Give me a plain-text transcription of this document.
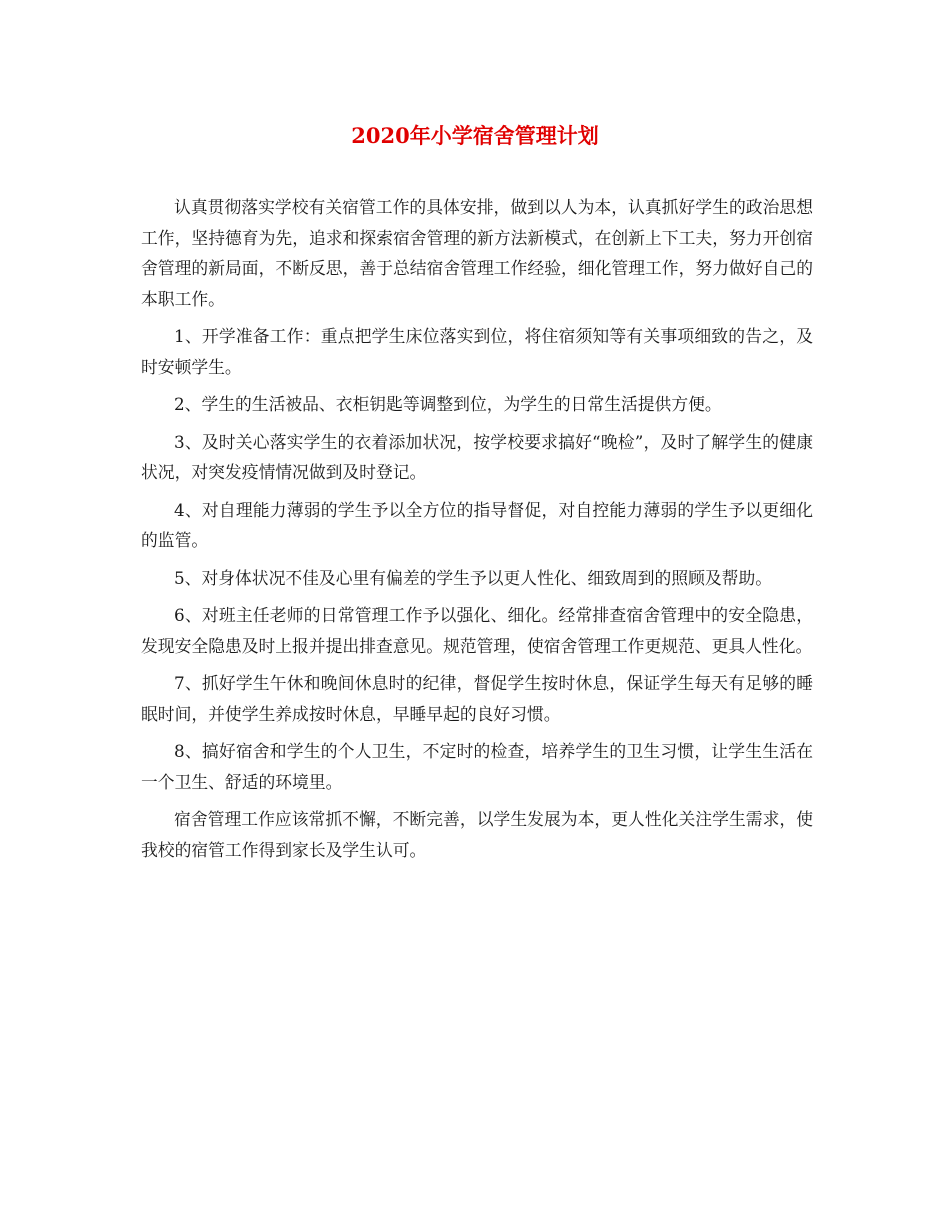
2020年小学宿舍管理计划

认真贯彻落实学校有关宿管工作的具体安排，做到以人为本，认真抓好学生的政治思想工作，坚持德育为先，追求和探索宿舍管理的新方法新模式，在创新上下工夫，努力开创宿舍管理的新局面，不断反思，善于总结宿舍管理工作经验，细化管理工作，努力做好自己的本职工作。

1、开学准备工作：重点把学生床位落实到位，将住宿须知等有关事项细致的告之，及时安顿学生。

2、学生的生活被品、衣柜钥匙等调整到位，为学生的日常生活提供方便。

3、及时关心落实学生的衣着添加状况，按学校要求搞好“晚检”，及时了解学生的健康状况，对突发疫情情况做到及时登记。

4、对自理能力薄弱的学生予以全方位的指导督促，对自控能力薄弱的学生予以更细化的监管。

5、对身体状况不佳及心里有偏差的学生予以更人性化、细致周到的照顾及帮助。

6、对班主任老师的日常管理工作予以强化、细化。经常排查宿舍管理中的安全隐患，发现安全隐患及时上报并提出排查意见。规范管理，使宿舍管理工作更规范、更具人性化。

7、抓好学生午休和晚间休息时的纪律，督促学生按时休息，保证学生每天有足够的睡眠时间，并使学生养成按时休息，早睡早起的良好习惯。

8、搞好宿舍和学生的个人卫生，不定时的检查，培养学生的卫生习惯，让学生生活在一个卫生、舒适的环境里。

宿舍管理工作应该常抓不懈，不断完善，以学生发展为本，更人性化关注学生需求，使我校的宿管工作得到家长及学生认可。
